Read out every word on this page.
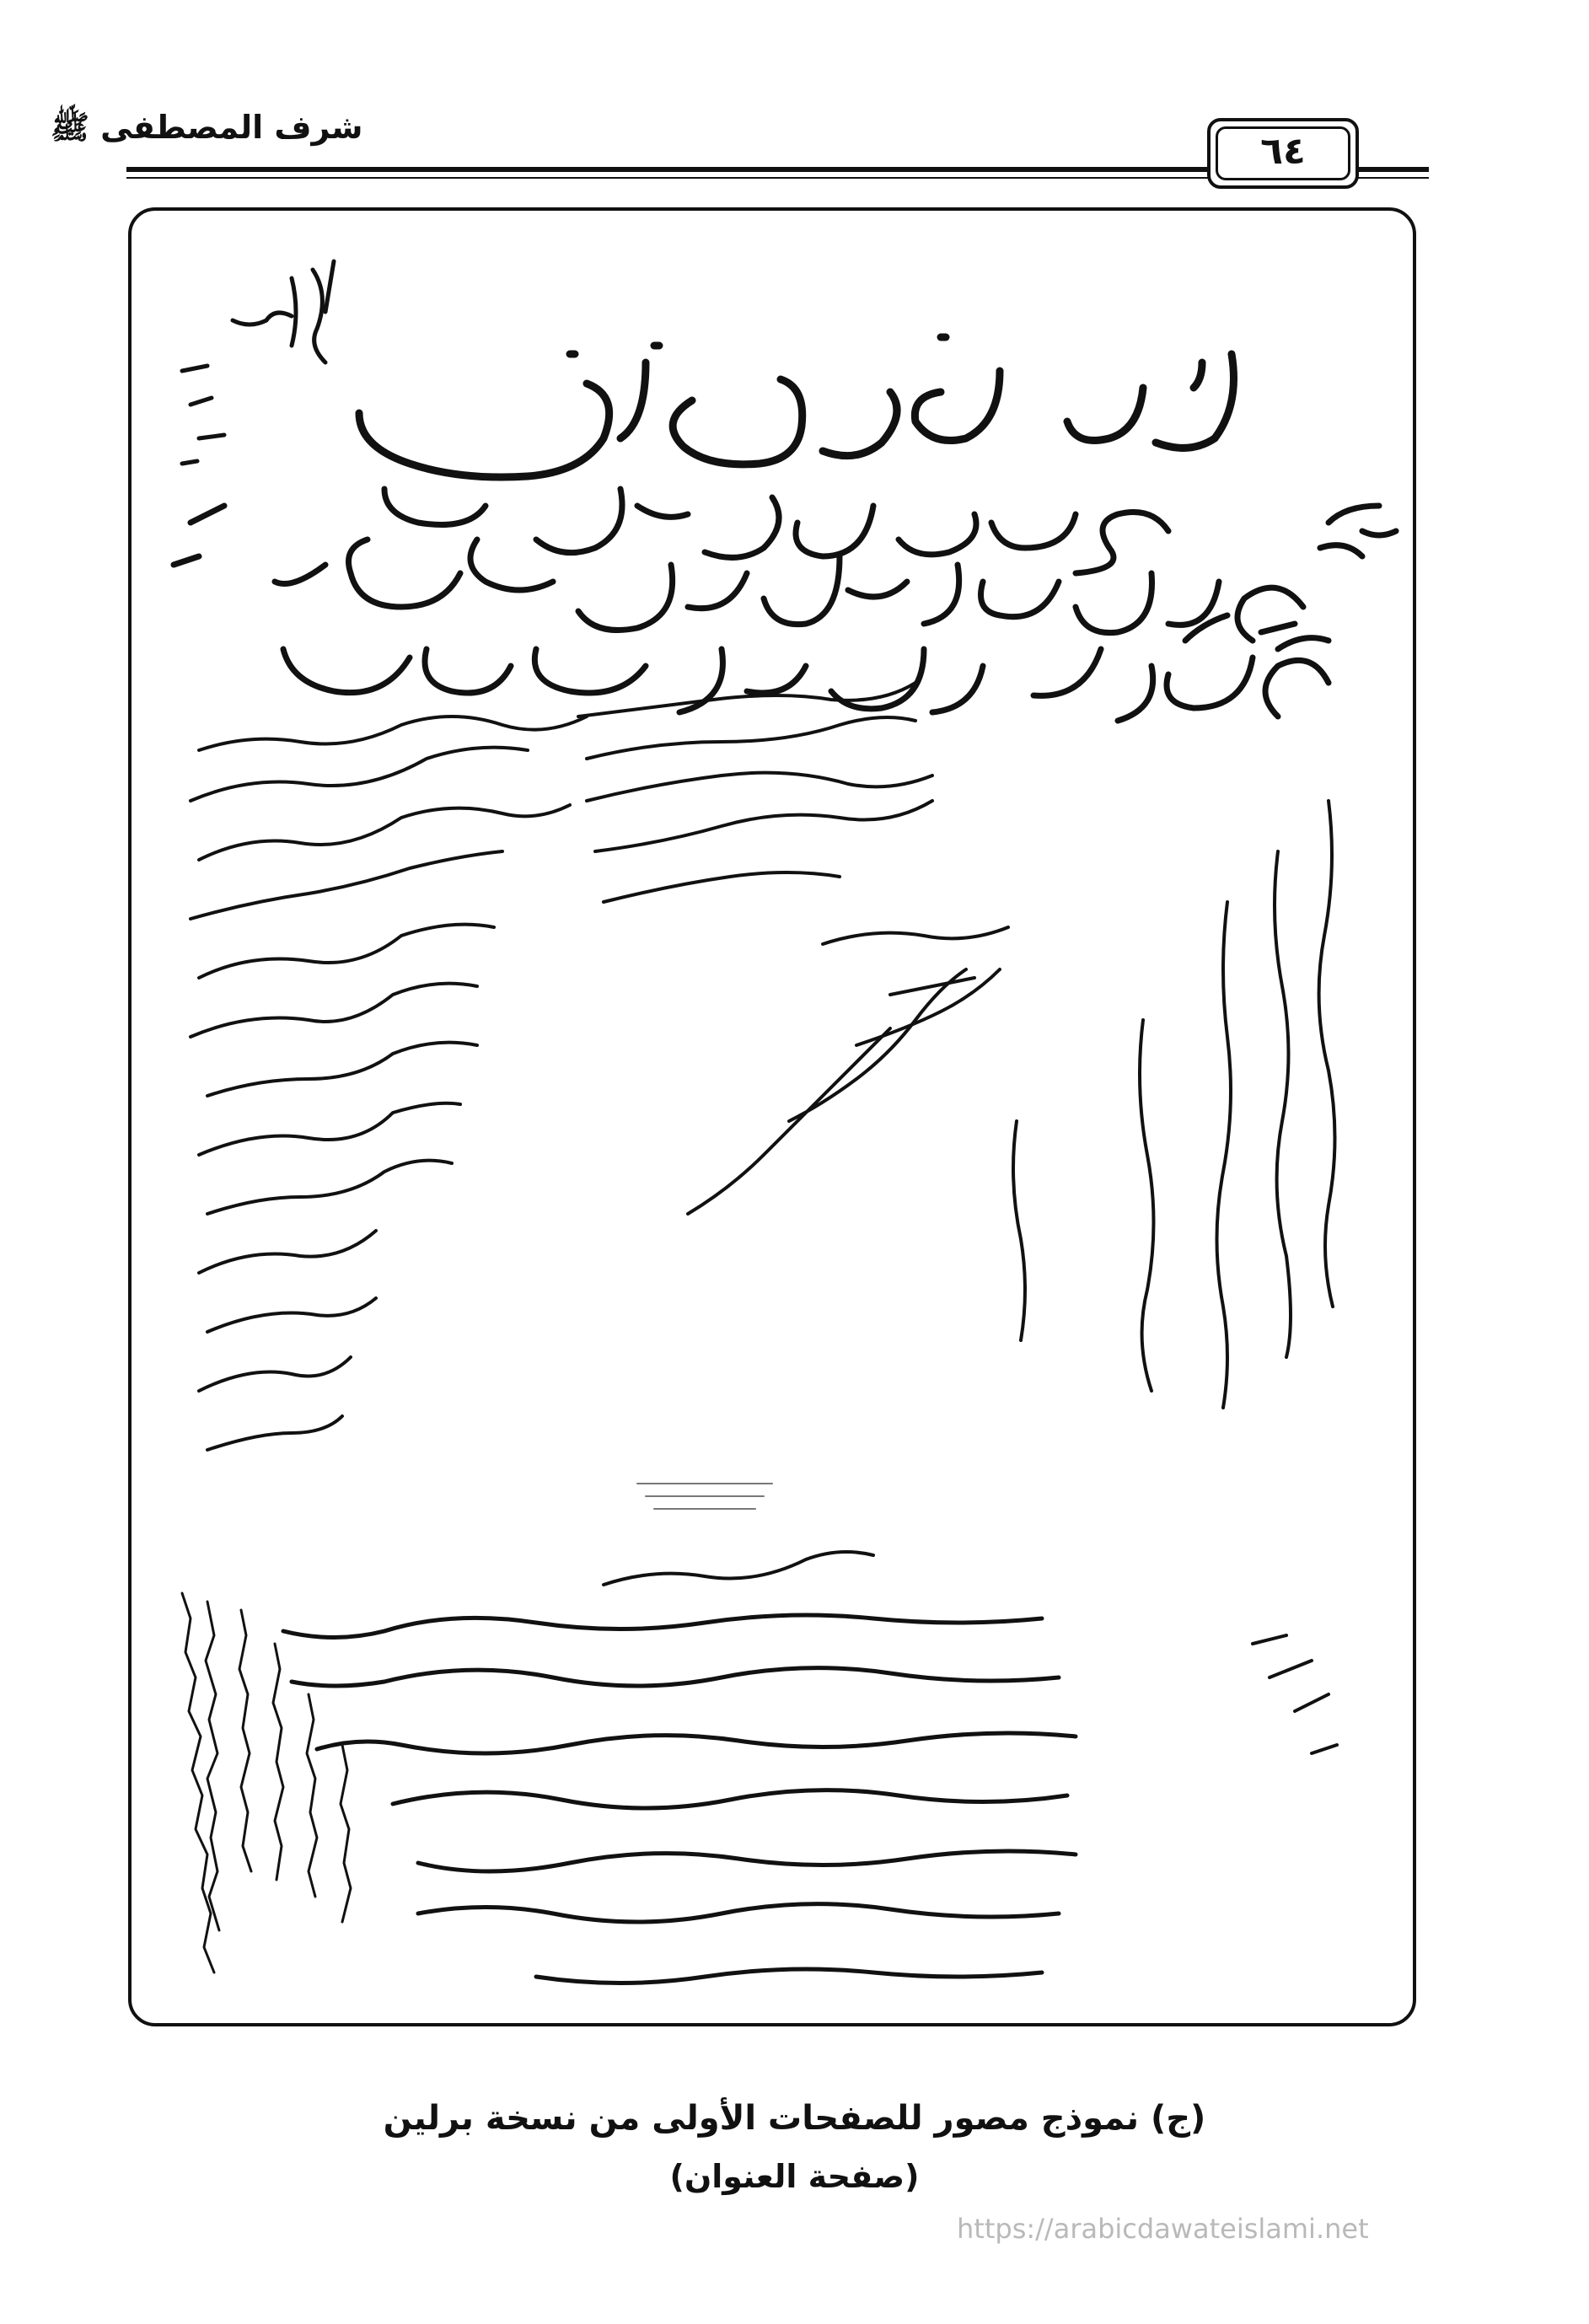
شرف المصطفى ﷺ
٦٤
(ج) نموذج مصور للصفحات الأولى من نسخة برلين
(صفحة العنوان)
https://arabicdawateislami.net
